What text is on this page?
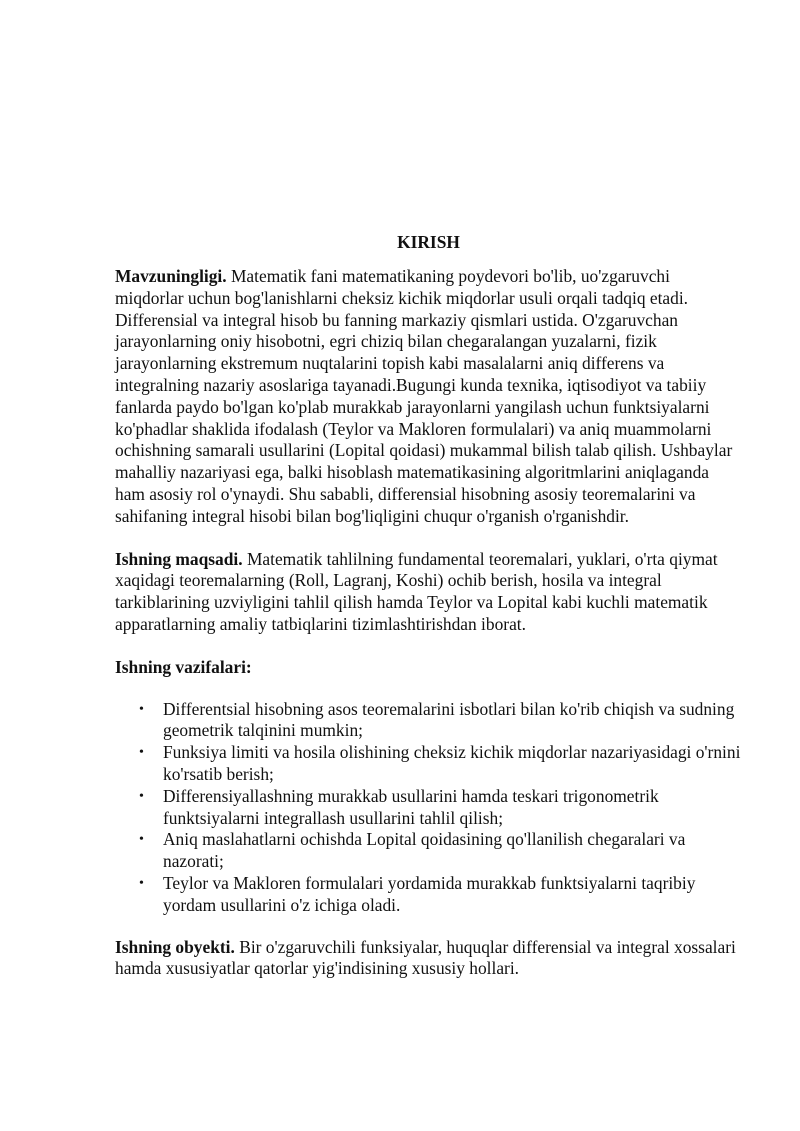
KIRISH

Mavzuningligi. Matematik fani matematikaning poydevori bo'lib, uo'zgaruvchi miqdorlar uchun bog'lanishlarni cheksiz kichik miqdorlar usuli orqali tadqiq etadi. Differensial va integral hisob bu fanning markaziy qismlari ustida. O'zgaruvchan jarayonlarning oniy hisobotni, egri chiziq bilan chegaralangan yuzalarni, fizik jarayonlarning ekstremum nuqtalarini topish kabi masalalarni aniq differens va integralning nazariy asoslariga tayanadi.Bugungi kunda texnika, iqtisodiyot va tabiiy fanlarda paydo bo'lgan ko'plab murakkab jarayonlarni yangilash uchun funktsiyalarni ko'phadlar shaklida ifodalash (Teylor va Makloren formulalari) va aniq muammolarni ochishning samarali usullarini (Lopital qoidasi) mukammal bilish talab qilish. Ushbaylar mahalliy nazariyasi ega, balki hisoblash matematikasining algoritmlarini aniqlaganda ham asosiy rol o'ynaydi. Shu sababli, differensial hisobning asosiy teoremalarini va sahifaning integral hisobi bilan bog'liqligini chuqur o'rganish o'rganishdir.

Ishning maqsadi. Matematik tahlilning fundamental teoremalari, yuklari, o'rta qiymat xaqidagi teoremalarning (Roll, Lagranj, Koshi) ochib berish, hosila va integral tarkiblarining uzviyligini tahlil qilish hamda Teylor va Lopital kabi kuchli matematik apparatlarning amaliy tatbiqlarini tizimlashtirishdan iborat.

Ishning vazifalari:
• Differentsial hisobning asos teoremalarini isbotlari bilan ko'rib chiqish va sudning geometrik talqinini mumkin;
• Funksiya limiti va hosila olishining cheksiz kichik miqdorlar nazariyasidagi o'rnini ko'rsatib berish;
• Differensiyallashning murakkab usullarini hamda teskari trigonometrik funktsiyalarni integrallash usullarini tahlil qilish;
• Aniq maslahatlarni ochishda Lopital qoidasining qo'llanilish chegaralari va nazorati;
• Teylor va Makloren formulalari yordamida murakkab funktsiyalarni taqribiy yordam usullarini o'z ichiga oladi.

Ishning obyekti. Bir o'zgaruvchili funksiyalar, huquqlar differensial va integral xossalari hamda xususiyatlar qatorlar yig'indisining xususiy hollari.
